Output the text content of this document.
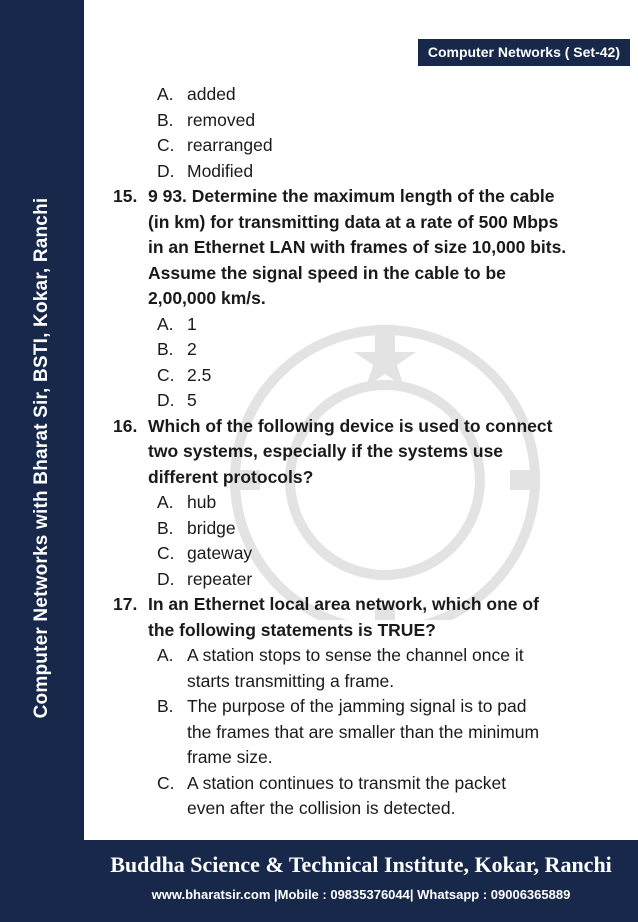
Computer Networks with Bharat Sir, BSTI, Kokar, Ranchi
Computer Networks ( Set-42)
A. added
B. removed
C. rearranged
D. Modified
15. 9 93. Determine the maximum length of the cable
(in km) for transmitting data at a rate of 500 Mbps
in an Ethernet LAN with frames of size 10,000 bits.
Assume the signal speed in the cable to be
2,00,000 km/s.
A. 1
B. 2
C. 2.5
D. 5
16. Which of the following device is used to connect
two systems, especially if the systems use
different protocols?
A. hub
B. bridge
C. gateway
D. repeater
17. In an Ethernet local area network, which one of
the following statements is TRUE?
A. A station stops to sense the channel once it
starts transmitting a frame.
B. The purpose of the jamming signal is to pad
the frames that are smaller than the minimum
frame size.
C. A station continues to transmit the packet
even after the collision is detected.
Buddha Science & Technical Institute, Kokar, Ranchi
www.bharatsir.com |Mobile : 09835376044| Whatsapp : 09006365889
